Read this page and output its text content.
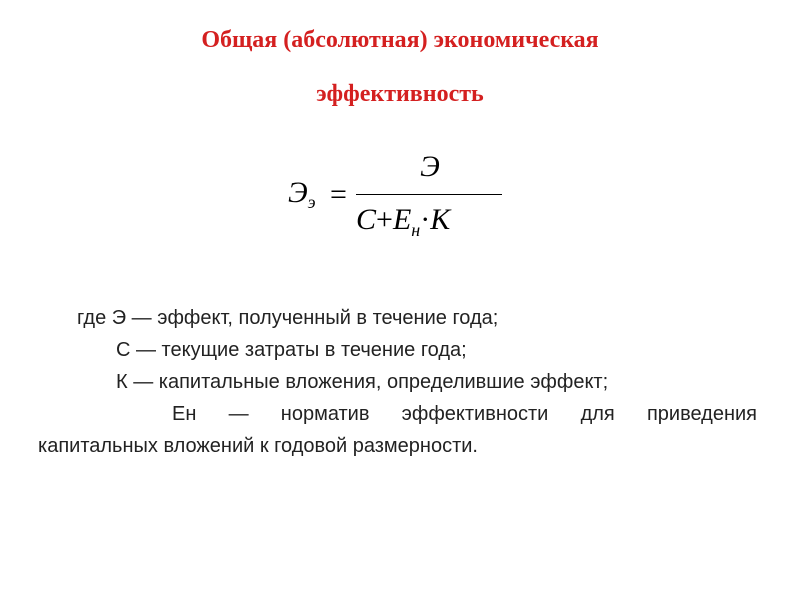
Общая (абсолютная) экономическая
эффективность
$Э_э$ =
Э
$C+E_н\cdot K$

где Э — эффект, полученный в течение года;

С — текущие затраты в течение года;

К — капитальные вложения, определившие эффект;

Ен — норматив эффективности для приведения

капитальных вложений к годовой размерности.
